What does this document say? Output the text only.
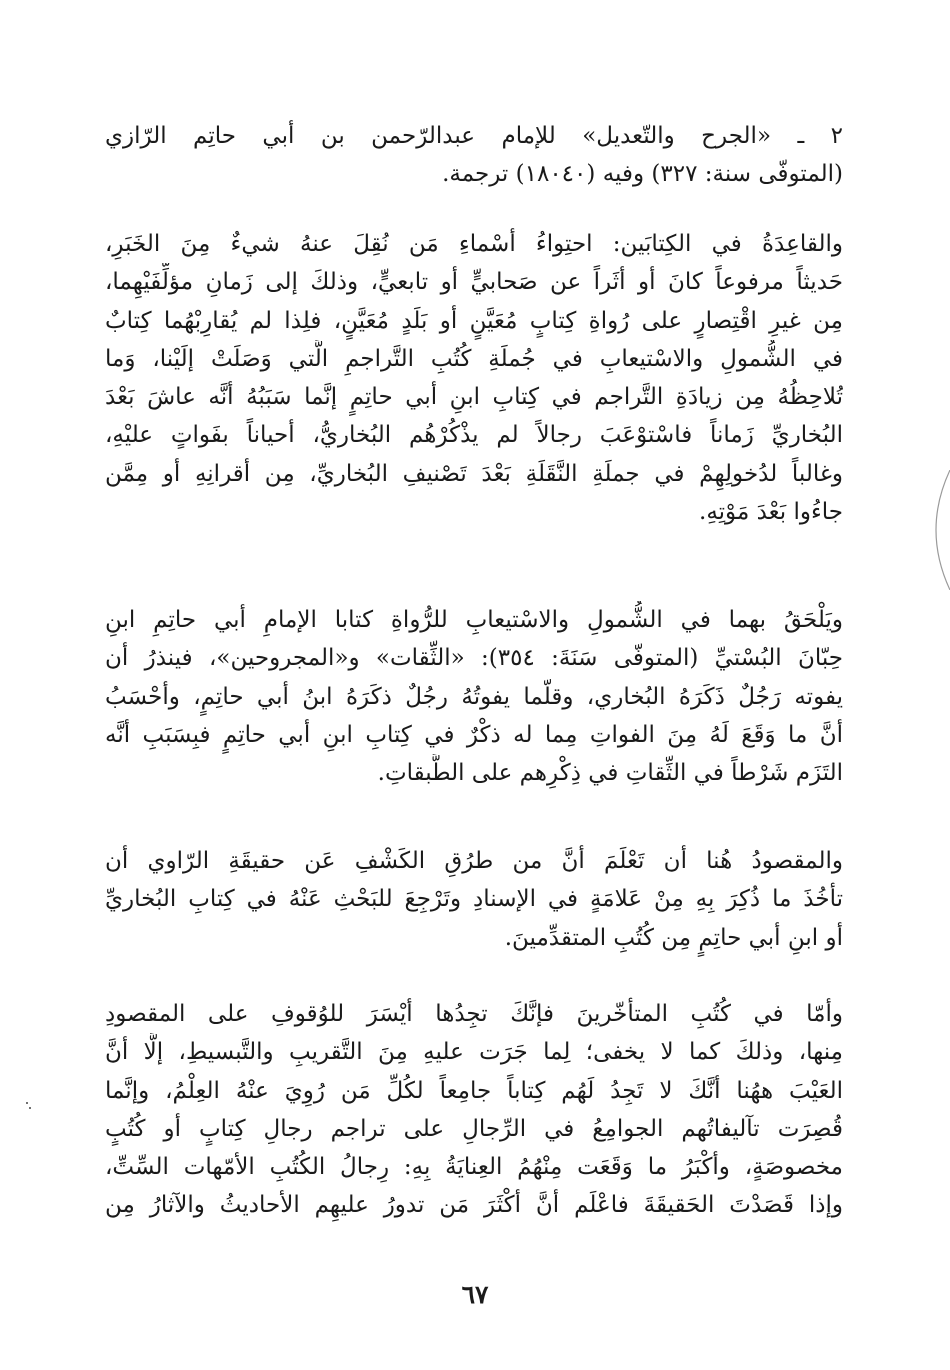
٢ ـ «الجرح والتّعديل» للإمام عبدالرّحمن بن أبي حاتِم الرّازي
(المتوفّى سنة: ٣٢٧) وفيه (١٨٠٤٠) ترجمة.
والقاعِدَةُ في الكِتابَين: احتِواءُ أسْماءِ مَن نُقِلَ عنهُ شيءٌ مِنَ الخَبَرِ،
حَديثاً مرفوعاً كانَ أو أثَراً عن صَحابيٍّ أو تابعيٍّ، وذلكَ إلى زَمانِ مؤلِّفَيْهِما،
مِن غيرِ اقْتِصارٍ على رُواةِ كِتابٍ مُعَيَّنٍ أو بَلَدٍ مُعَيَّنٍ، فلِذا لم يُقارِبْهُما كِتابٌ
في الشُّمولِ والاسْتيعابِ في جُملَةِ كُتُبِ التَّراجمِ الَّتي وَصَلَتْ إلَيْنا، وَما
تُلاحِظُهُ مِن زيادَةِ التَّراجم في كِتابِ ابنِ أبي حاتِمٍ إنَّما سَبَبُهُ أنَّه عاشَ بَعْدَ
البُخاريِّ زَماناً فاسْتوْعَبَ رجالاً لم يذْكُرْهُم البُخاريُّ، أحياناً بفَواتٍ عليْهِ،
وغالباً لدُخولِهِمْ في جملَةِ النَّقَلَةِ بَعْدَ تَصْنيفِ البُخاريِّ، مِن أقرانِهِ أو مِمَّن
جاءُوا بَعْدَ مَوْتِهِ.
ويَلْحَقُ بهما في الشُّمولِ والاسْتيعابِ للرُّواةِ كتابا الإمامِ أبي حاتِمِ ابنِ
حِبّانَ البُسْتيِّ (المتوفّى سَنَةَ: ٣٥٤): «الثِّقات» و«المجروحين»، فينذرُ أن
يفوته رَجُلٌ ذَكَرَهُ البُخاري، وقلّما يفوتُهُ رجُلٌ ذكَرَهُ ابنُ أبي حاتِمٍ، وأحْسَبُ
أنَّ ما وَقَعَ لَهُ مِنَ الفواتِ مِما له ذكْرٌ في كِتابِ ابنِ أبي حاتِمٍ فبِسَبَبِ أنَّه
التَزَم شَرْطاً في الثِّقاتِ في ذِكْرِهم على الطَّبقاتِ.
والمقصودُ هُنا أن تَعْلَمَ أنَّ من طرُقِ الكَشْفِ عَن حقيقَةِ الرّاوي أن
تأخُذَ ما ذُكِرَ بِهِ مِنْ عَلامَةٍ في الإسنادِ وتَرْجِعَ للبَحْثِ عَنْهُ في كِتابِ البُخاريِّ
أو ابنِ أبي حاتِمٍ مِن كُتُبِ المتقدِّمينَ.
وأمّا في كُتُبِ المتأخّرينَ فإنَّكَ تجِدُها أيْسَرَ للوُقوفِ على المقصودِ
مِنها، وذلكَ كما لا يخفى؛ لِما جَرَت عليهِ مِنَ التَّقريبِ والتَّبسيطِ، إلَّا أنَّ
العَيْبَ ههُنا أنَّكَ لا تَجِدُ لَهُم كِتاباً جامِعاً لكُلِّ مَن رُوِيَ عنْهُ العِلْمُ، وإنَّما
قُصِرَت تآليفاتُهم الجوامِعُ في الرِّجالِ على تراجم رجالِ كِتابٍ أو كُتُبٍ
مخصوصَةٍ، وأكْبَرُ ما وَقَعَت مِنْهُمُ العِنايَةُ بِهِ: رِجالُ الكُتُبِ الأمّهات السِّتِّ،
وإذا قَصَدْتَ الحَقيقَةَ فاعْلَم أنَّ أكْثَرَ مَن تدورُ عليهِم الأحاديثُ والآثارُ مِن
٦٧
